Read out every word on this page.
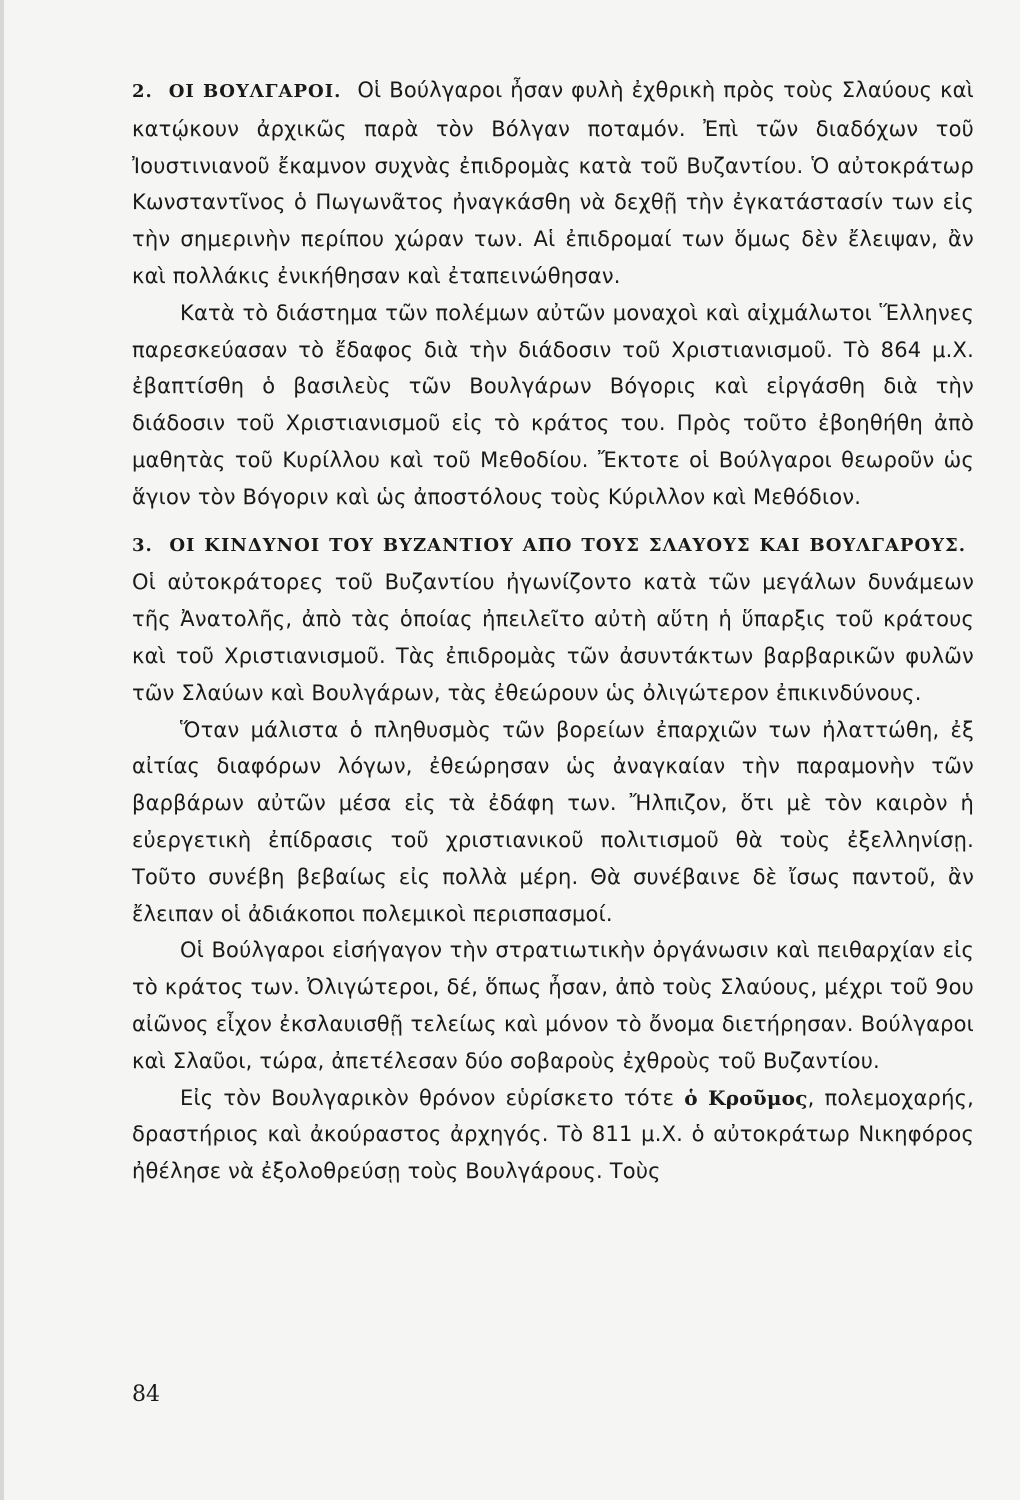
2. ΟΙ ΒΟΥΛΓΑΡΟΙ. Οἱ Βούλγαροι ἦσαν φυλὴ ἐχθρικὴ πρὸς τοὺς Σλαύους καὶ κατῴκουν ἀρχικῶς παρὰ τὸν Βόλγαν ποταμόν. Ἐπὶ τῶν διαδόχων τοῦ Ἰουστινιανοῦ ἔκαμνον συχνὰς ἐπιδρομὰς κατὰ τοῦ Βυζαντίου. Ὁ αὐτοκράτωρ Κωνσταντῖνος ὁ Πωγωνᾶτος ἠναγκάσθη νὰ δεχθῇ τὴν ἐγκατάστασίν των εἰς τὴν σημερινὴν περίπου χώραν των. Αἱ ἐπιδρομαί των ὅμως δὲν ἔλειψαν, ἂν καὶ πολλάκις ἐνικήθησαν καὶ ἐταπεινώθησαν.

Κατὰ τὸ διάστημα τῶν πολέμων αὐτῶν μοναχοὶ καὶ αἰχμάλωτοι Ἕλληνες παρεσκεύασαν τὸ ἔδαφος διὰ τὴν διάδοσιν τοῦ Χριστιανισμοῦ. Τὸ 864 μ.Χ. ἐβαπτίσθη ὁ βασιλεὺς τῶν Βουλγάρων Βόγορις καὶ εἰργάσθη διὰ τὴν διάδοσιν τοῦ Χριστιανισμοῦ εἰς τὸ κράτος του. Πρὸς τοῦτο ἐβοηθήθη ἀπὸ μαθητὰς τοῦ Κυρίλλου καὶ τοῦ Μεθοδίου. Ἔκτοτε οἱ Βούλγαροι θεωροῦν ὡς ἅγιον τὸν Βόγοριν καὶ ὡς ἀποστόλους τοὺς Κύριλλον καὶ Μεθόδιον.

3. ΟΙ ΚΙΝΔΥΝΟΙ ΤΟΥ ΒΥΖΑΝΤΙΟΥ ΑΠΟ ΤΟΥΣ ΣΛΑΥΟΥΣ ΚΑΙ ΒΟΥΛΓΑΡΟΥΣ. Οἱ αὐτοκράτορες τοῦ Βυζαντίου ἠγωνίζοντο κατὰ τῶν μεγάλων δυνάμεων τῆς Ἀνατολῆς, ἀπὸ τὰς ὁποίας ἠπειλεῖτο αὐτὴ αὕτη ἡ ὕπαρξις τοῦ κράτους καὶ τοῦ Χριστιανισμοῦ. Τὰς ἐπιδρομὰς τῶν ἀσυντάκτων βαρβαρικῶν φυλῶν τῶν Σλαύων καὶ Βουλγάρων, τὰς ἐθεώρουν ὡς ὀλιγώτερον ἐπικινδύνους.

Ὅταν μάλιστα ὁ πληθυσμὸς τῶν βορείων ἐπαρχιῶν των ἠλαττώθη, ἐξ αἰτίας διαφόρων λόγων, ἐθεώρησαν ὡς ἀναγκαίαν τὴν παραμονὴν τῶν βαρβάρων αὐτῶν μέσα εἰς τὰ ἐδάφη των. Ἤλπιζον, ὅτι μὲ τὸν καιρὸν ἡ εὐεργετικὴ ἐπίδρασις τοῦ χριστιανικοῦ πολιτισμοῦ θὰ τοὺς ἐξελληνίσῃ. Τοῦτο συνέβη βεβαίως εἰς πολλὰ μέρη. Θὰ συνέβαινε δὲ ἴσως παντοῦ, ἂν ἔλειπαν οἱ ἀδιάκοποι πολεμικοὶ περισπασμοί.

Οἱ Βούλγαροι εἰσήγαγον τὴν στρατιωτικὴν ὀργάνωσιν καὶ πειθαρχίαν εἰς τὸ κράτος των. Ὀλιγώτεροι, δέ, ὅπως ἦσαν, ἀπὸ τοὺς Σλαύους, μέχρι τοῦ 9ου αἰῶνος εἶχον ἐκσλαυισθῇ τελείως καὶ μόνον τὸ ὄνομα διετήρησαν. Βούλγαροι καὶ Σλαῦοι, τώρα, ἀπετέλεσαν δύο σοβαροὺς ἐχθροὺς τοῦ Βυζαντίου.

Εἰς τὸν Βουλγαρικὸν θρόνον εὑρίσκετο τότε ὁ Κροῦμος, πολεμοχαρής, δραστήριος καὶ ἀκούραστος ἀρχηγός. Τὸ 811 μ.Χ. ὁ αὐτοκράτωρ Νικηφόρος ἠθέλησε νὰ ἐξολοθρεύσῃ τοὺς Βουλγάρους. Τοὺς

84
